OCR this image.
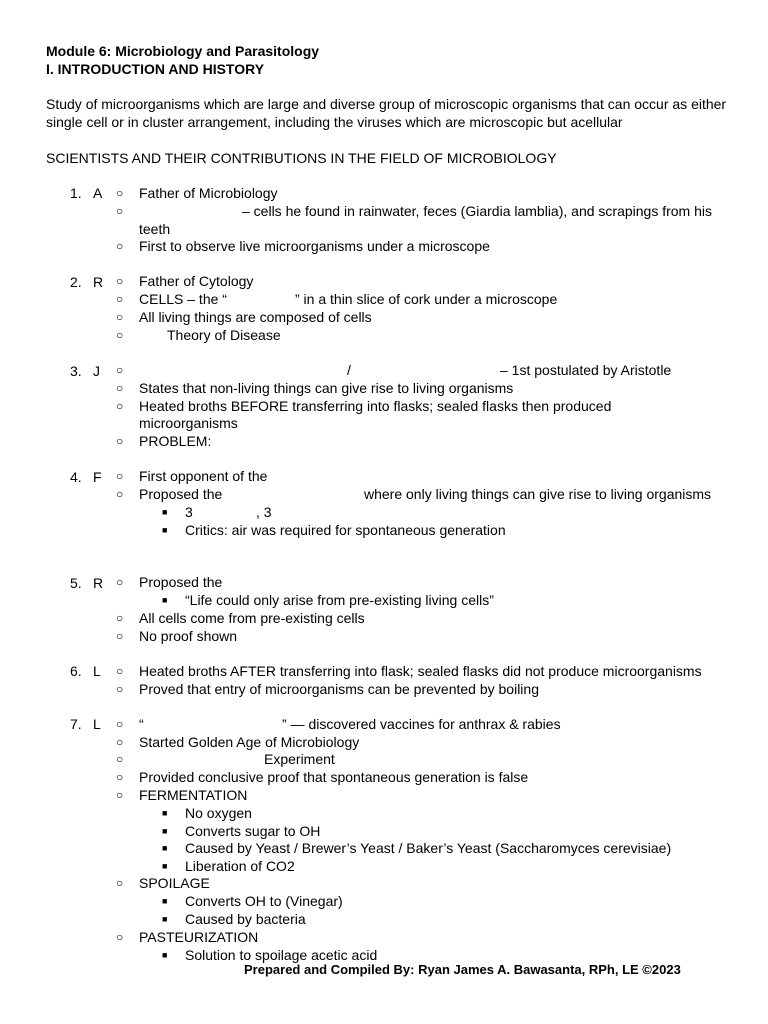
Module 6: Microbiology and Parasitology
I. INTRODUCTION AND HISTORY
Study of microorganisms which are large and diverse group of microscopic organisms that can occur as either single cell or in cluster arrangement, including the viruses which are microscopic but acellular
SCIENTISTS AND THEIR CONTRIBUTIONS IN THE FIELD OF MICROBIOLOGY

1. A ○ Father of Microbiology
○	– cells he found in rainwater, feces (Giardia lamblia), and scrapings from his
teeth
○ First to observe live microorganisms under a microscope

2. R ○ Father of Cytology
○ CELLS – the “	” in a thin slice of cork under a microscope
○ All living things are composed of cells
○	Theory of Disease

3. J ○	/	– 1st postulated by Aristotle
○ States that non-living things can give rise to living organisms
○ Heated broths BEFORE transferring into flasks; sealed flasks then produced
microorganisms
○ PROBLEM:

4. F ○ First opponent of the
○ Proposed the	where only living things can give rise to living organisms
■ 3	, 3
■ Critics: air was required for spontaneous generation

5. R ○ Proposed the
■ “Life could only arise from pre-existing living cells”
○ All cells come from pre-existing cells
○ No proof shown

6. L ○ Heated broths AFTER transferring into flask; sealed flasks did not produce microorganisms
○ Proved that entry of microorganisms can be prevented by boiling

7. L ○ “	” — discovered vaccines for anthrax & rabies
○ Started Golden Age of Microbiology
○	Experiment
○ Provided conclusive proof that spontaneous generation is false
○ FERMENTATION
■ No oxygen
■ Converts sugar to OH
■ Caused by Yeast / Brewer’s Yeast / Baker’s Yeast (Saccharomyces cerevisiae)
■ Liberation of CO2
○ SPOILAGE
■ Converts OH to (Vinegar)
■ Caused by bacteria
○ PASTEURIZATION
■ Solution to spoilage acetic acid
Prepared and Compiled By: Ryan James A. Bawasanta, RPh, LE ©2023
